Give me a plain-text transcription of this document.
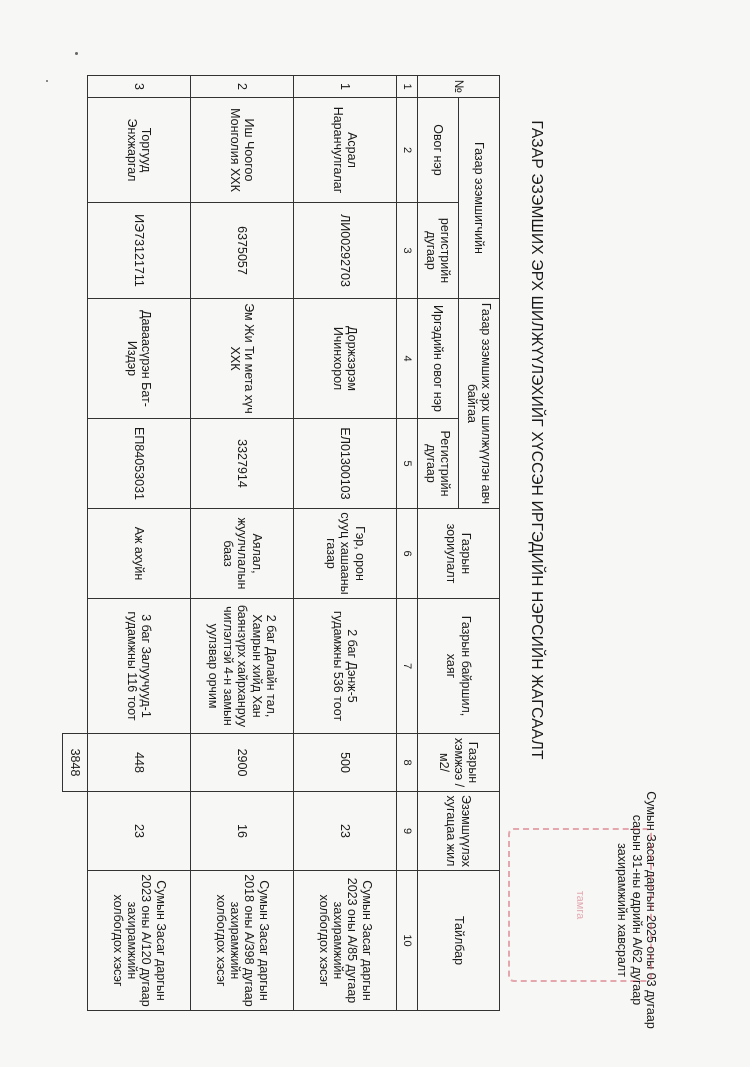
Сумын Засаг даргын 2025 оны 03 дугаар
сарын 31-ны өдрийн А/62 дугаар
захирамжийн хавсралт
тамга
ГАЗАР ЭЗЭМШИХ ЭРХ ШИЛЖҮҮЛЭХИЙГ ХҮССЭН ИРГЭДИЙН НЭРСИЙН ЖАГСААЛТ
№	Газар эзэмшигчийн		Газар эзэмших эрх шилжүүлэн авч байгаа		Газрын зориулалт	Газрын байршил, хаяг	Газрын хэмжээ / м2/	Эзэмшүүлэх хугацаа жил	Тайлбар
	Овог нэр	регистрийн дугаар	Иргэдийн овог нэр	Регистрийн дугаар					
1	2	3	4	5	6	7	8	9	10
1	Асрал Наранчулгалаг	ЛИ00292703	Доржзэрэм Ичинхорол	ЕЛ01300103	Гэр, орон сууц хашааны газар	2 баг Дэнж-5 гудамжны 536 тоот	500	23	Сумын Засаг даргын 2023 оны А/85 дугаар захирамжийн холбогдох хэсэг
2	Иш Чоогоо Монголия ХХК	6375057	Эм Жи Ти мета хүч ХХК	3327914	Аялал, жуулчлалын бааз	2 баг Далайн тал, Хамрын хийд Хан баянзүрх хайрханруу чиглэлтэй 4-н замын уулзвар орчим	2900	16	Сумын Засаг даргын 2018 оны А/398 дугаар захирамжийн холбогдох хэсэг
3	Торгууд Энхжаргал	ИЭ73121711	Даваасүрэн Бат-Издэр	ЕП84053031	Аж ахуйн	3 баг Залуучууд-1 гудамжны 116 тоот	448	23	Сумын Засаг даргын 2023 оны А/120 дугаар захирамжийн холбогдох хэсэг
							3848		
